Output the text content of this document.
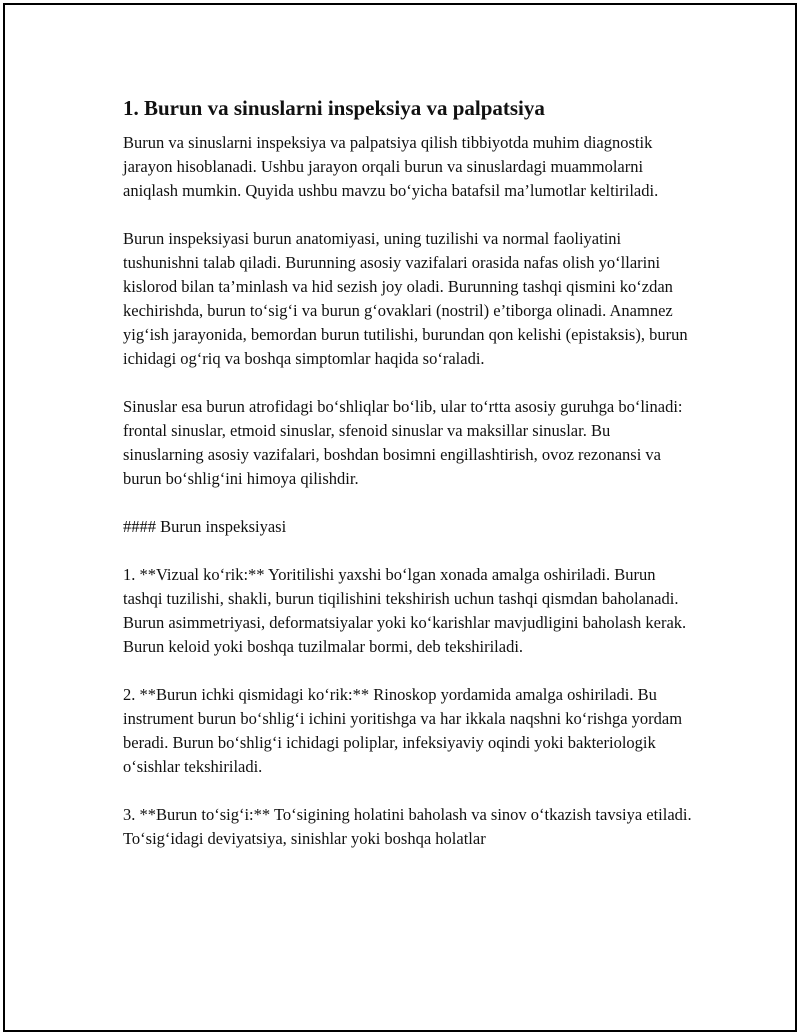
1. Burun va sinuslarni inspeksiya va palpatsiya

Burun va sinuslarni inspeksiya va palpatsiya qilish tibbiyotda muhim diagnostik jarayon hisoblanadi. Ushbu jarayon orqali burun va sinuslardagi muammolarni aniqlash mumkin. Quyida ushbu mavzu bo‘yicha batafsil ma’lumotlar keltiriladi.

Burun inspeksiyasi burun anatomiyasi, uning tuzilishi va normal faoliyatini tushunishni talab qiladi. Burunning asosiy vazifalari orasida nafas olish yo‘llarini kislorod bilan ta’minlash va hid sezish joy oladi. Burunning tashqi qismini ko‘zdan kechirishda, burun to‘sig‘i va burun g‘ovaklari (nostril) e’tiborga olinadi. Anamnez yig‘ish jarayonida, bemordan burun tutilishi, burundan qon kelishi (epistaksis), burun ichidagi og‘riq va boshqa simptomlar haqida so‘raladi.

Sinuslar esa burun atrofidagi bo‘shliqlar bo‘lib, ular to‘rtta asosiy guruhga bo‘linadi: frontal sinuslar, etmoid sinuslar, sfenoid sinuslar va maksillar sinuslar. Bu sinuslarning asosiy vazifalari, boshdan bosimni engillashtirish, ovoz rezonansi va burun bo‘shlig‘ini himoya qilishdir.

#### Burun inspeksiyasi

1. **Vizual ko‘rik:** Yoritilishi yaxshi bo‘lgan xonada amalga oshiriladi. Burun tashqi tuzilishi, shakli, burun tiqilishini tekshirish uchun tashqi qismdan baholanadi. Burun asimmetriyasi, deformatsiyalar yoki ko‘karishlar mavjudligini baholash kerak. Burun keloid yoki boshqa tuzilmalar bormi, deb tekshiriladi.

2. **Burun ichki qismidagi ko‘rik:** Rinoskop yordamida amalga oshiriladi. Bu instrument burun bo‘shlig‘i ichini yoritishga va har ikkala naqshni ko‘rishga yordam beradi. Burun bo‘shlig‘i ichidagi poliplar, infeksiyaviy oqindi yoki bakteriologik o‘sishlar tekshiriladi.

3. **Burun to‘sig‘i:** To‘sigining holatini baholash va sinov o‘tkazish tavsiya etiladi. To‘sig‘idagi deviyatsiya, sinishlar yoki boshqa holatlar
